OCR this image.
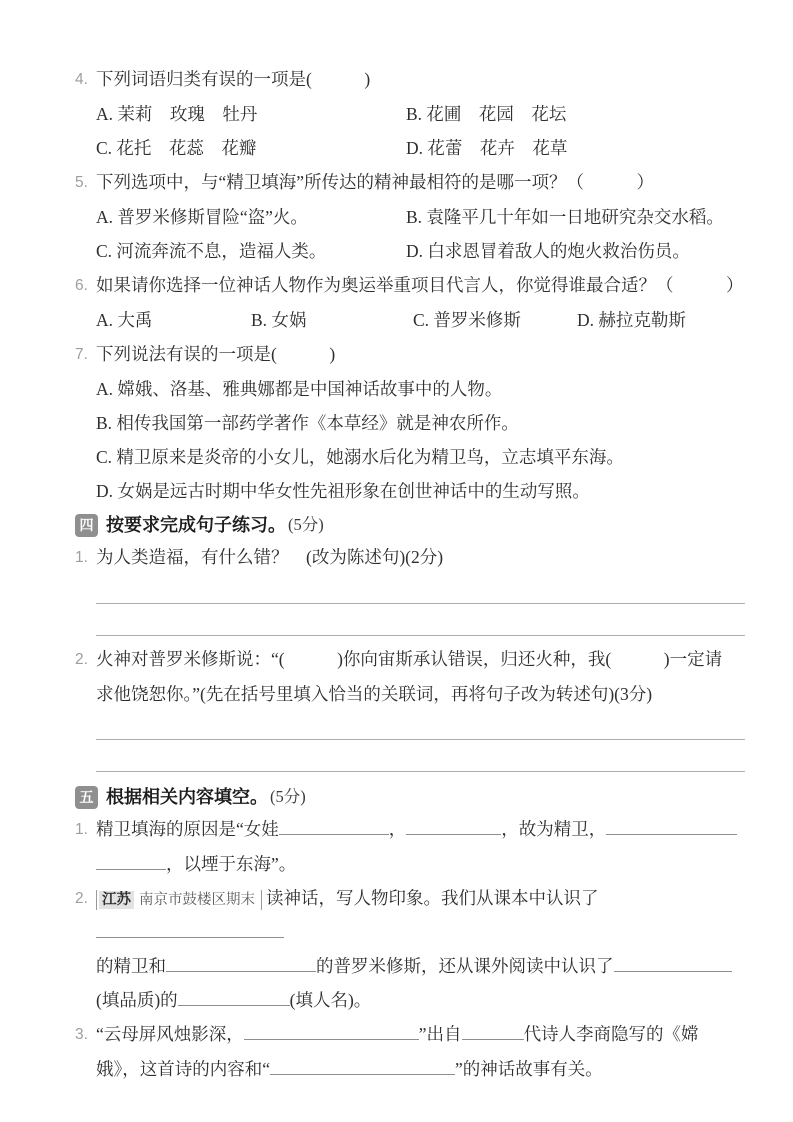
4. 下列词语归类有误的一项是(　　　)
A. 茉莉　玫瑰　牡丹	B. 花圃　花园　花坛
C. 花托　花蕊　花瓣	D. 花蕾　花卉　花草
5. 下列选项中，与“精卫填海”所传达的精神最相符的是哪一项？（　　　）
A. 普罗米修斯冒险“盗”火。	B. 袁隆平几十年如一日地研究杂交水稻。
C. 河流奔流不息，造福人类。	D. 白求恩冒着敌人的炮火救治伤员。
6. 如果请你选择一位神话人物作为奥运举重项目代言人，你觉得谁最合适？（　　　）
A. 大禹	B. 女娲	C. 普罗米修斯	D. 赫拉克勒斯
7. 下列说法有误的一项是(　　　)
A. 嫦娥、洛基、雅典娜都是中国神话故事中的人物。
B. 相传我国第一部药学著作《本草经》就是神农所作。
C. 精卫原来是炎帝的小女儿，她溺水后化为精卫鸟，立志填平东海。
D. 女娲是远古时期中华女性先祖形象在创世神话中的生动写照。
四 按要求完成句子练习。 (5分)
1. 为人类造福，有什么错？　(改为陈述句)(2分)
2. 火神对普罗米修斯说：“(　　　)你向宙斯承认错误，归还火种，我(　　　)一定请
求他饶恕你。”(先在括号里填入恰当的关联词，再将句子改为转述句)(3分)
五 根据相关内容填空。 (5分)
1. 精卫填海的原因是“女娃	，	，故为精卫，
，以堙于东海”。
2. 江苏 南京市鼓楼区期末 读神话，写人物印象。我们从课本中认识了
的精卫和	的普罗米修斯，还从课外阅读中认识了
(填品质)的	(填人名)。
3. “云母屏风烛影深，	”出自	代诗人李商隐写的《嫦
娥》，这首诗的内容和“	”的神话故事有关。
